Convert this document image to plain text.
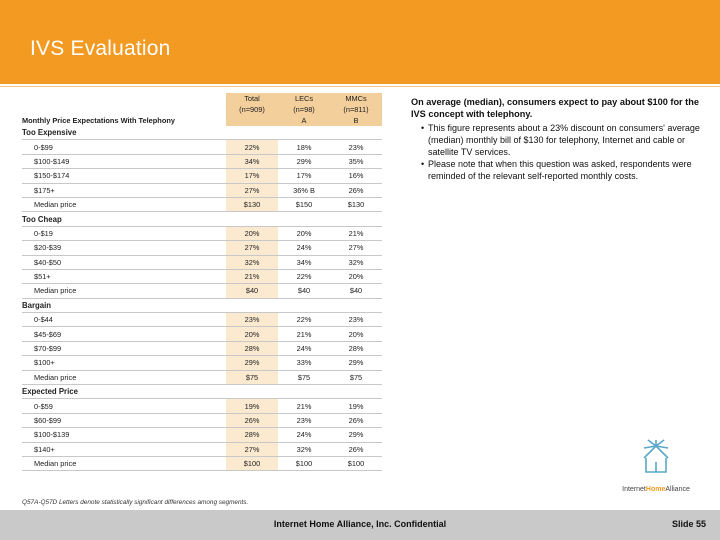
IVS Evaluation
	Total	LECs	MMCs
	(n=909)	(n=98)	(n=811)
Monthly Price Expectations With Telephony		A	B
Too Expensive			
0-$99	22%	18%	23%
$100-$149	34%	29%	35%
$150-$174	17%	17%	16%
$175+	27%	36% B	26%
Median price	$130	$150	$130
Too Cheap			
0-$19	20%	20%	21%
$20-$39	27%	24%	27%
$40-$50	32%	34%	32%
$51+	21%	22%	20%
Median price	$40	$40	$40
Bargain			
0-$44	23%	22%	23%
$45-$69	20%	21%	20%
$70-$99	28%	24%	28%
$100+	29%	33%	29%
Median price	$75	$75	$75
Expected Price			
0-$59	19%	21%	19%
$60-$99	26%	23%	26%
$100-$139	28%	24%	29%
$140+	27%	32%	26%
Median price	$100	$100	$100

On average (median), consumers expect to pay about $100 for the IVS concept with telephony.

• This figure represents about a 23% discount on consumers' average (median) monthly bill of $130 for telephony, Internet and cable or satellite TV services.

• Please note that when this question was asked, respondents were reminded of the relevant self-reported monthly costs.

InternetHomeAlliance
Q57A-Q57D Letters denote statistically significant differences among segments.
Internet Home Alliance, Inc. Confidential	Slide 55
